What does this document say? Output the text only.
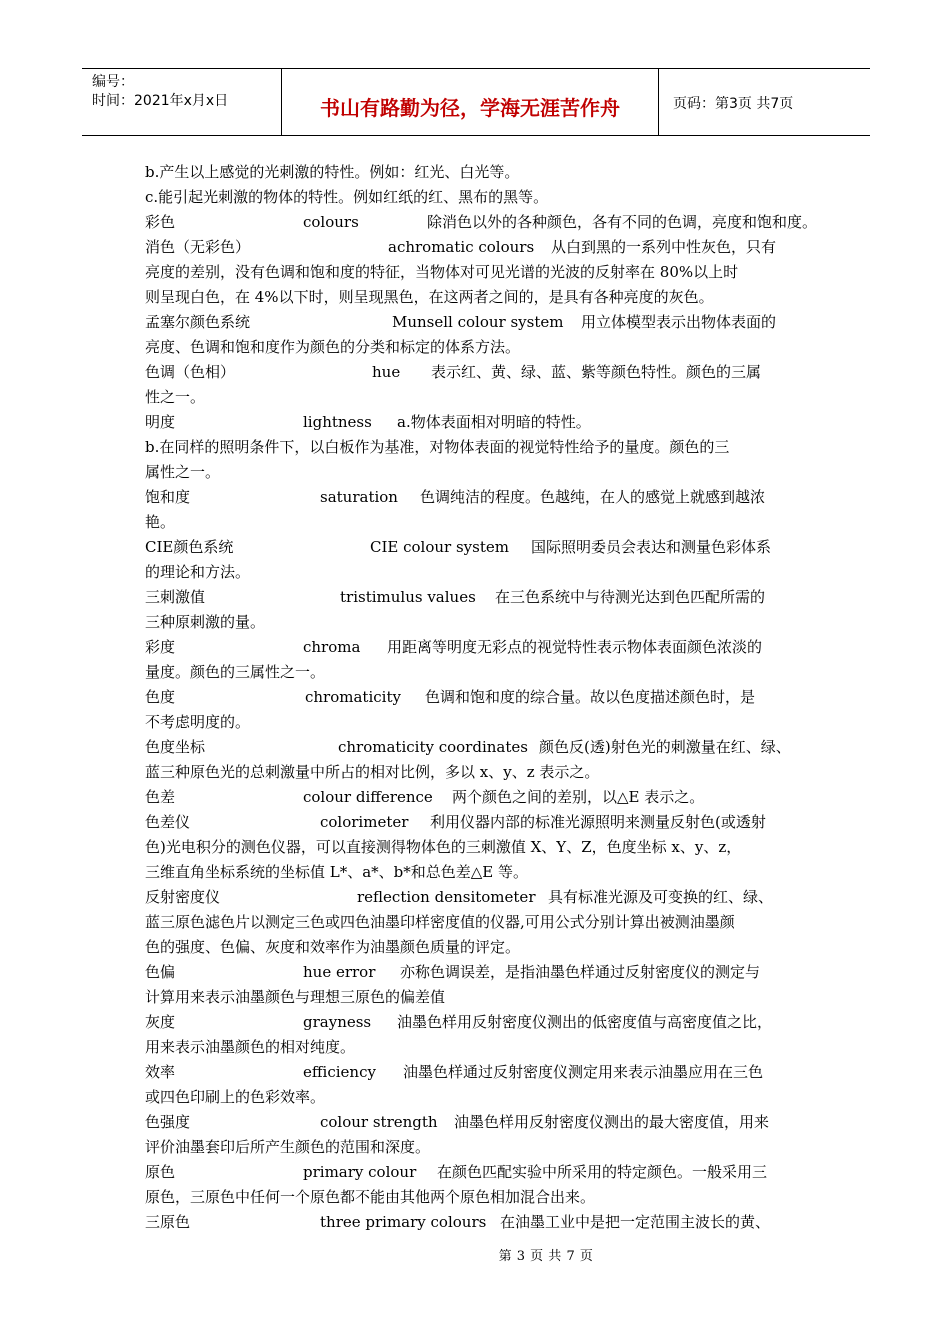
编号：
时间：2021年x月x日	书山有路勤为径，学海无涯苦作舟	页码：第3页 共7页
b.产生以上感觉的光刺激的特性。例如：红光、白光等。
c.能引起光刺激的物体的特性。例如红纸的红、黑布的黑等。
彩色	colours	除消色以外的各种颜色，各有不同的色调，亮度和饱和度。
消色（无彩色）	achromatic colours 从白到黑的一系列中性灰色，只有
亮度的差别，没有色调和饱和度的特征，当物体对可见光谱的光波的反射率在 80%以上时
则呈现白色，在 4%以下时，则呈现黑色，在这两者之间的，是具有各种亮度的灰色。
孟塞尔颜色系统	Munsell colour system 用立体模型表示出物体表面的
亮度、色调和饱和度作为颜色的分类和标定的体系方法。
色调（色相）	hue 表示红、黄、绿、蓝、紫等颜色特性。颜色的三属
性之一。
明度	lightness a.物体表面相对明暗的特性。
b.在同样的照明条件下，以白板作为基准，对物体表面的视觉特性给予的量度。颜色的三
属性之一。
饱和度	saturation 色调纯洁的程度。色越纯，在人的感觉上就感到越浓
艳。
CIE颜色系统	CIE colour system 国际照明委员会表达和测量色彩体系
的理论和方法。
三刺激值	tristimulus values 在三色系统中与待测光达到色匹配所需的
三种原刺激的量。
彩度	chroma 用距离等明度无彩点的视觉特性表示物体表面颜色浓淡的
量度。颜色的三属性之一。
色度	chromaticity 色调和饱和度的综合量。故以色度描述颜色时，是
不考虑明度的。
色度坐标	chromaticity coordinates 颜色反(透)射色光的刺激量在红、绿、
蓝三种原色光的总刺激量中所占的相对比例，多以 x、y、z 表示之。
色差	colour difference 两个颜色之间的差别，以△E 表示之。
色差仪	colorimeter 利用仪器内部的标准光源照明来测量反射色(或透射
色)光电积分的测色仪器，可以直接测得物体色的三刺激值 X、Y、Z，色度坐标 x、y、z，
三维直角坐标系统的坐标值 L*、a*、b*和总色差△E 等。
反射密度仪	reflection densitometer 具有标准光源及可变换的红、绿、
蓝三原色滤色片以测定三色或四色油墨印样密度值的仪器,可用公式分别计算出被测油墨颜
色的强度、色偏、灰度和效率作为油墨颜色质量的评定。
色偏	hue error 亦称色调误差，是指油墨色样通过反射密度仪的测定与
计算用来表示油墨颜色与理想三原色的偏差值
灰度	grayness 油墨色样用反射密度仪测出的低密度值与高密度值之比，
用来表示油墨颜色的相对纯度。
效率	efficiency 油墨色样通过反射密度仪测定用来表示油墨应用在三色
或四色印刷上的色彩效率。
色强度	colour strength 油墨色样用反射密度仪测出的最大密度值，用来
评价油墨套印后所产生颜色的范围和深度。
原色	primary colour 在颜色匹配实验中所采用的特定颜色。一般采用三
原色，三原色中任何一个原色都不能由其他两个原色相加混合出来。
三原色	three primary colours 在油墨工业中是把一定范围主波长的黄、
第 3 页 共 7 页
